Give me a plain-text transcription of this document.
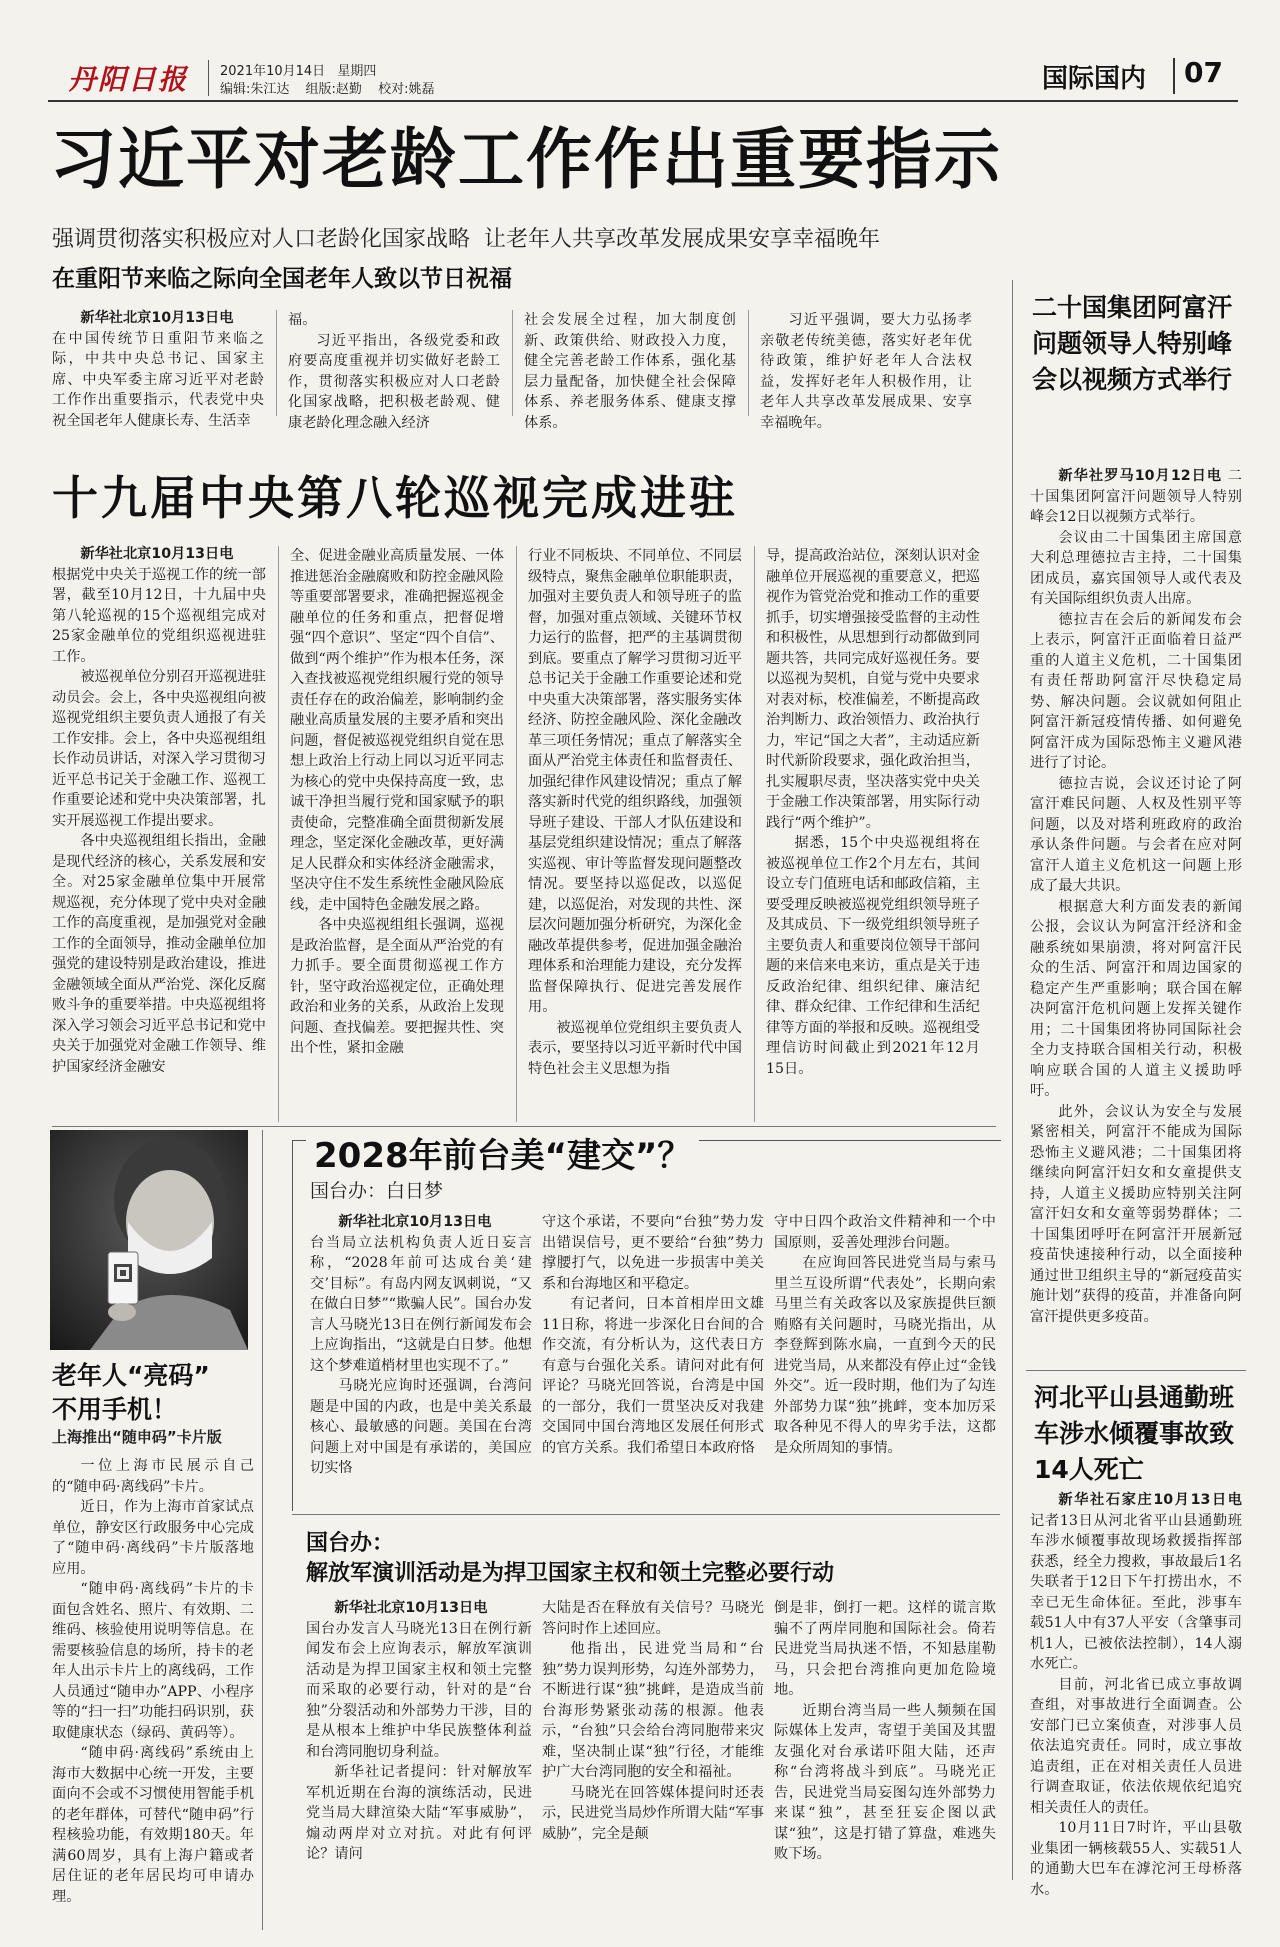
丹阳日报 2021年10月14日 星期四
编辑:朱江达 组版:赵勤 校对:姚磊	国际国内 07
习近平对老龄工作作出重要指示
强调贯彻落实积极应对人口老龄化国家战略  让老年人共享改革发展成果安享幸福晚年
在重阳节来临之际向全国老年人致以节日祝福

新华社北京10月13日电

在中国传统节日重阳节来临之际，中共中央总书记、国家主席、中央军委主席习近平对老龄工作作出重要指示，代表党中央祝全国老年人健康长寿、生活幸

福。

习近平指出，各级党委和政府要高度重视并切实做好老龄工作，贯彻落实积极应对人口老龄化国家战略，把积极老龄观、健康老龄化理念融入经济

社会发展全过程，加大制度创新、政策供给、财政投入力度，健全完善老龄工作体系，强化基层力量配备，加快健全社会保障体系、养老服务体系、健康支撑体系。

习近平强调，要大力弘扬孝亲敬老传统美德，落实好老年优待政策，维护好老年人合法权益，发挥好老年人积极作用，让老年人共享改革发展成果、安享幸福晚年。

十九届中央第八轮巡视完成进驻

新华社北京10月13日电

根据党中央关于巡视工作的统一部署，截至10月12日，十九届中央第八轮巡视的15个巡视组完成对25家金融单位的党组织巡视进驻工作。

被巡视单位分别召开巡视进驻动员会。会上，各中央巡视组向被巡视党组织主要负责人通报了有关工作安排。会上，各中央巡视组组长作动员讲话，对深入学习贯彻习近平总书记关于金融工作、巡视工作重要论述和党中央决策部署，扎实开展巡视工作提出要求。

各中央巡视组组长指出，金融是现代经济的核心，关系发展和安全。对25家金融单位集中开展常规巡视，充分体现了党中央对金融工作的高度重视，是加强党对金融工作的全面领导，推动金融单位加强党的建设特别是政治建设，推进金融领域全面从严治党、深化反腐败斗争的重要举措。中央巡视组将深入学习领会习近平总书记和党中央关于加强党对金融工作领导、维护国家经济金融安

全、促进金融业高质量发展、一体推进惩治金融腐败和防控金融风险等重要部署要求，准确把握巡视金融单位的任务和重点，把督促增强“四个意识”、坚定“四个自信”、做到“两个维护”作为根本任务，深入查找被巡视党组织履行党的领导责任存在的政治偏差，影响制约金融业高质量发展的主要矛盾和突出问题，督促被巡视党组织自觉在思想上政治上行动上同以习近平同志为核心的党中央保持高度一致，忠诚干净担当履行党和国家赋予的职责使命，完整准确全面贯彻新发展理念，坚定深化金融改革，更好满足人民群众和实体经济金融需求，坚决守住不发生系统性金融风险底线，走中国特色金融发展之路。

各中央巡视组组长强调，巡视是政治监督，是全面从严治党的有力抓手。要全面贯彻巡视工作方针，坚守政治巡视定位，正确处理政治和业务的关系，从政治上发现问题、查找偏差。要把握共性、突出个性，紧扣金融

行业不同板块、不同单位、不同层级特点，聚焦金融单位职能职责，加强对主要负责人和领导班子的监督，加强对重点领域、关键环节权力运行的监督，把严的主基调贯彻到底。要重点了解学习贯彻习近平总书记关于金融工作重要论述和党中央重大决策部署，落实服务实体经济、防控金融风险、深化金融改革三项任务情况；重点了解落实全面从严治党主体责任和监督责任、加强纪律作风建设情况；重点了解落实新时代党的组织路线，加强领导班子建设、干部人才队伍建设和基层党组织建设情况；重点了解落实巡视、审计等监督发现问题整改情况。要坚持以巡促改，以巡促建，以巡促治，对发现的共性、深层次问题加强分析研究，为深化金融改革提供参考，促进加强金融治理体系和治理能力建设，充分发挥监督保障执行、促进完善发展作用。

被巡视单位党组织主要负责人表示，要坚持以习近平新时代中国特色社会主义思想为指

导，提高政治站位，深刻认识对金融单位开展巡视的重要意义，把巡视作为管党治党和推动工作的重要抓手，切实增强接受监督的主动性和积极性，从思想到行动都做到同题共答，共同完成好巡视任务。要以巡视为契机，自觉与党中央要求对表对标，校准偏差，不断提高政治判断力、政治领悟力、政治执行力，牢记“国之大者”，主动适应新时代新阶段要求，强化政治担当，扎实履职尽责，坚决落实党中央关于金融工作决策部署，用实际行动践行“两个维护”。

据悉，15个中央巡视组将在被巡视单位工作2个月左右，其间设立专门值班电话和邮政信箱，主要受理反映被巡视党组织领导班子及其成员、下一级党组织领导班子主要负责人和重要岗位领导干部问题的来信来电来访，重点是关于违反政治纪律、组织纪律、廉洁纪律、群众纪律、工作纪律和生活纪律等方面的举报和反映。巡视组受理信访时间截止到2021年12月15日。

二十国集团阿富汗问题领导人特别峰会以视频方式举行

新华社罗马10月12日电 二十国集团阿富汗问题领导人特别峰会12日以视频方式举行。

会议由二十国集团主席国意大利总理德拉吉主持，二十国集团成员，嘉宾国领导人或代表及有关国际组织负责人出席。

德拉吉在会后的新闻发布会上表示，阿富汗正面临着日益严重的人道主义危机，二十国集团有责任帮助阿富汗尽快稳定局势、解决问题。会议就如何阻止阿富汗新冠疫情传播、如何避免阿富汗成为国际恐怖主义避风港进行了讨论。

德拉吉说，会议还讨论了阿富汗难民问题、人权及性别平等问题，以及对塔利班政府的政治承认条件问题。与会者在应对阿富汗人道主义危机这一问题上形成了最大共识。

根据意大利方面发表的新闻公报，会议认为阿富汗经济和金融系统如果崩溃，将对阿富汗民众的生活、阿富汗和周边国家的稳定产生严重影响；联合国在解决阿富汗危机问题上发挥关键作用；二十国集团将协同国际社会全力支持联合国相关行动，积极响应联合国的人道主义援助呼吁。

此外，会议认为安全与发展紧密相关，阿富汗不能成为国际恐怖主义避风港；二十国集团将继续向阿富汗妇女和女童提供支持，人道主义援助应特别关注阿富汗妇女和女童等弱势群体；二十国集团呼吁在阿富汗开展新冠疫苗快速接种行动，以全面接种通过世卫组织主导的“新冠疫苗实施计划”获得的疫苗，并准备向阿富汗提供更多疫苗。

河北平山县通勤班车涉水倾覆事故致14人死亡

新华社石家庄10月13日电 记者13日从河北省平山县通勤班车涉水倾覆事故现场救援指挥部获悉，经全力搜救，事故最后1名失联者于12日下午打捞出水，不幸已无生命体征。至此，涉事车载51人中有37人平安（含肇事司机1人，已被依法控制），14人溺水死亡。

目前，河北省已成立事故调查组，对事故进行全面调查。公安部门已立案侦查，对涉事人员依法追究责任。同时，成立事故追责组，正在对相关责任人员进行调查取证，依法依规依纪追究相关责任人的责任。

10月11日7时许，平山县敬业集团一辆核载55人、实载51人的通勤大巴车在滹沱河王母桥落水。

老年人“亮码”
不用手机！
上海推出“随申码”卡片版

一位上海市民展示自己的“随申码·离线码”卡片。

近日，作为上海市首家试点单位，静安区行政服务中心完成了“随申码·离线码”卡片版落地应用。

“随申码·离线码”卡片的卡面包含姓名、照片、有效期、二维码、核验使用说明等信息。在需要核验信息的场所，持卡的老年人出示卡片上的离线码，工作人员通过“随申办”APP、小程序等的“扫一扫”功能扫码识别，获取健康状态（绿码、黄码等）。

“随申码·离线码”系统由上海市大数据中心统一开发，主要面向不会或不习惯使用智能手机的老年群体，可替代“随申码”行程核验功能，有效期180天。年满60周岁，具有上海户籍或者居住证的老年居民均可申请办理。

2028年前台美“建交”？
国台办：白日梦

新华社北京10月13日电

台当局立法机构负责人近日妄言称，“2028年前可达成台美‘建交’目标”。有岛内网友讽刺说，“又在做白日梦”“欺骗人民”。国台办发言人马晓光13日在例行新闻发布会上应询指出，“这就是白日梦。他想这个梦难道梢材里也实现不了。”

马晓光应询时还强调，台湾问题是中国的内政，也是中美关系最核心、最敏感的问题。美国在台湾问题上对中国是有承诺的，美国应切实恪

守这个承诺，不要向“台独”势力发出错误信号，更不要给“台独”势力撑腰打气，以免进一步损害中美关系和台海地区和平稳定。

有记者问，日本首相岸田文雄11日称，将进一步深化日台间的合作交流，有分析认为，这代表日方有意与台强化关系。请问对此有何评论？马晓光回答说，台湾是中国的一部分，我们一贯坚决反对我建交国同中国台湾地区发展任何形式的官方关系。我们希望日本政府恪

守中日四个政治文件精神和一个中国原则，妥善处理涉台问题。

在应询回答民进党当局与索马里兰互设所谓“代表处”，长期向索马里兰有关政客以及家族提供巨额贿赂有关问题时，马晓光指出，从李登辉到陈水扁，一直到今天的民进党当局，从来都没有停止过“金钱外交”。近一段时期，他们为了勾连外部势力谋“独”挑衅，变本加厉采取各种见不得人的卑劣手法，这都是众所周知的事情。

国台办：
解放军演训活动是为捍卫国家主权和领土完整必要行动

新华社北京10月13日电

国台办发言人马晓光13日在例行新闻发布会上应询表示，解放军演训活动是为捍卫国家主权和领土完整而采取的必要行动，针对的是“台独”分裂活动和外部势力干涉，目的是从根本上维护中华民族整体利益和台湾同胞切身利益。

新华社记者提问：针对解放军军机近期在台海的演练活动，民进党当局大肆渲染大陆“军事威胁”，煽动两岸对立对抗。对此有何评论？请问

大陆是否在释放有关信号？马晓光答问时作上述回应。

他指出，民进党当局和“台独”势力误判形势，勾连外部势力，不断进行谋“独”挑衅，是造成当前台海形势紧张动荡的根源。他表示，“台独”只会给台湾同胞带来灾难，坚决制止谋“独”行径，才能维护广大台湾同胞的安全和福祉。

马晓光在回答媒体提问时还表示，民进党当局炒作所谓大陆“军事威胁”，完全是颠

倒是非，倒打一耙。这样的谎言欺骗不了两岸同胞和国际社会。倚若民进党当局执迷不悟，不知悬崖勒马，只会把台湾推向更加危险境地。

近期台湾当局一些人频频在国际媒体上发声，寄望于美国及其盟友强化对台承诺吓阻大陆，还声称“台湾将战斗到底”。马晓光正告，民进党当局妄图勾连外部势力来谋“独”，甚至狂妄企图以武谋“独”，这是打错了算盘，难逃失败下场。
